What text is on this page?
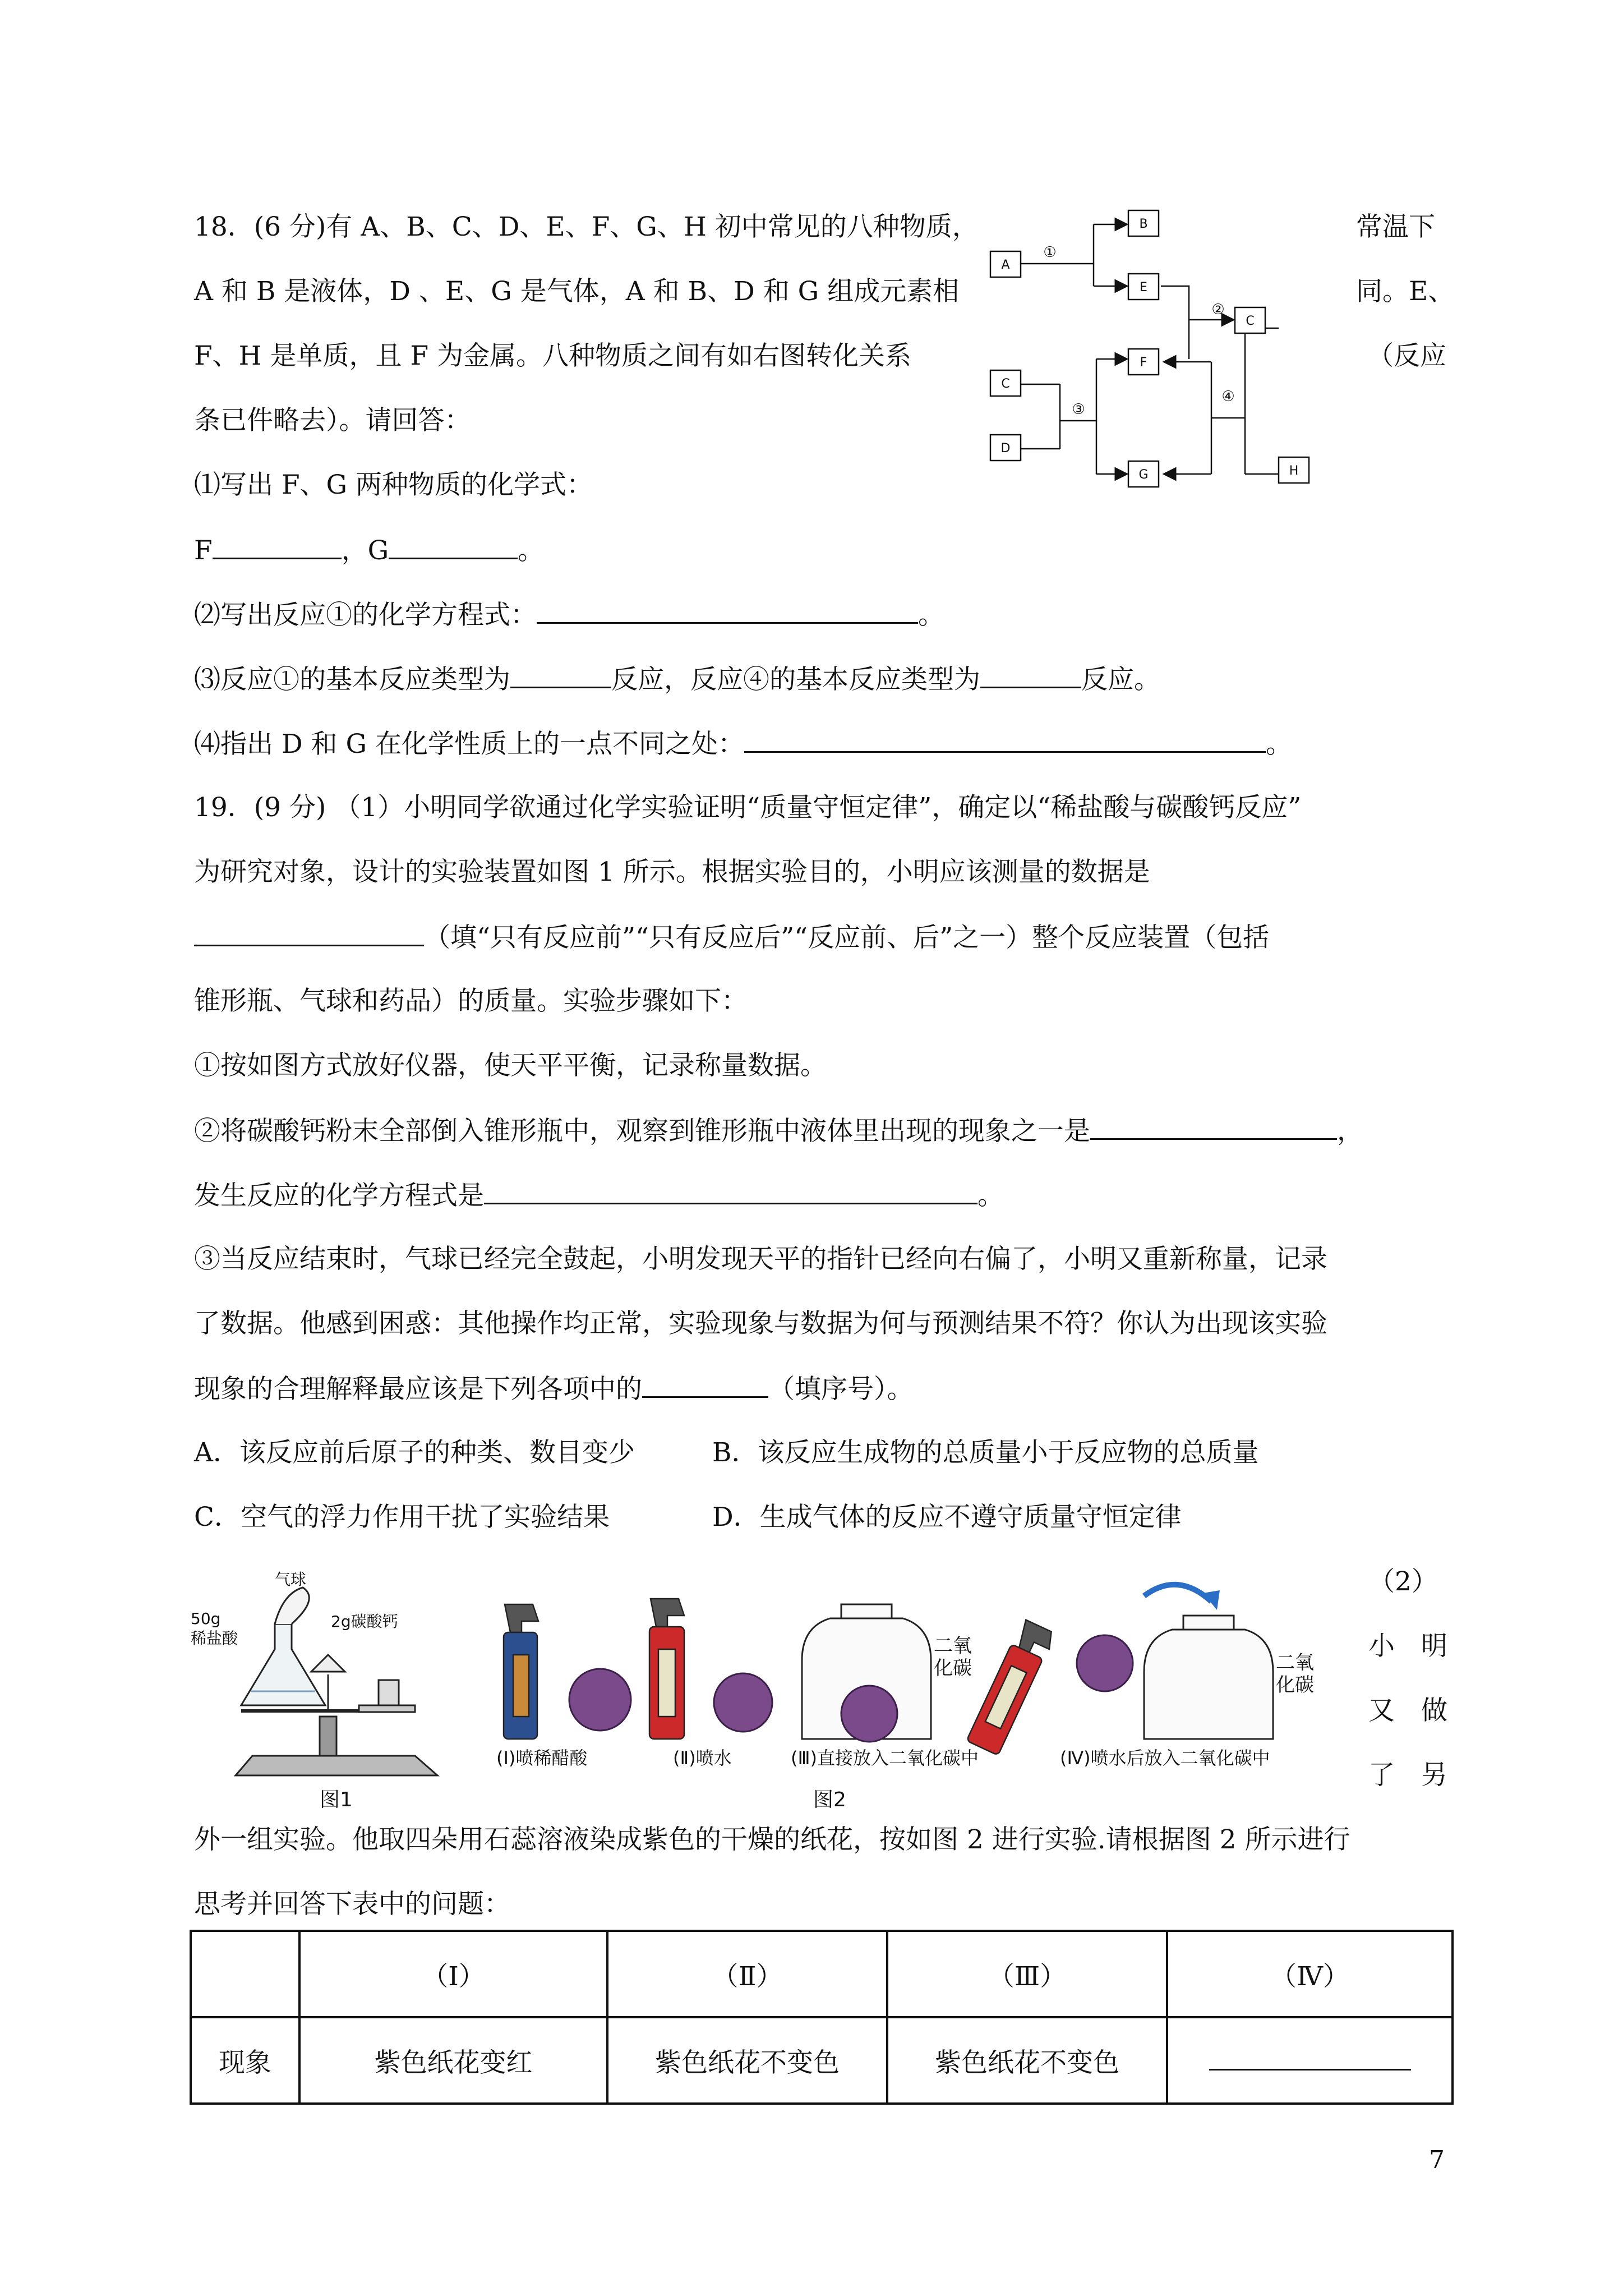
18．(6 分)有 A、B、C、D、E、F、G、H 初中常见的八种物质，	常温下
A 和 B 是液体，D 、E、G 是气体，A 和 B、D 和 G 组成元素相	同。E、
F、H 是单质，且 F 为金属。八种物质之间有如右图转化关系	（反应
条已件略去）。请回答：
A
B
E
C
F
C
D
G	H
①
②
③
④
⑴写出 F、G 两种物质的化学式：
F	，G	。
⑵写出反应①的化学方程式：	。
⑶反应①的基本反应类型为	反应，反应④的基本反应类型为	反应。
⑷指出 D 和 G 在化学性质上的一点不同之处：	。
19．(9 分) （1）小明同学欲通过化学实验证明“质量守恒定律”，确定以“稀盐酸与碳酸钙反应”
为研究对象，设计的实验装置如图 1 所示。根据实验目的，小明应该测量的数据是
（填“只有反应前”“只有反应后”“反应前、后”之一）整个反应装置（包括
锥形瓶、气球和药品）的质量。实验步骤如下：
①按如图方式放好仪器，使天平平衡，记录称量数据。
②将碳酸钙粉末全部倒入锥形瓶中，观察到锥形瓶中液体里出现的现象之一是	，
发生反应的化学方程式是	。
③当反应结束时，气球已经完全鼓起，小明发现天平的指针已经向右偏了，小明又重新称量，记录
了数据。他感到困惑：其他操作均正常，实验现象与数据为何与预测结果不符？你认为出现该实验
现象的合理解释最应该是下列各项中的	（填序号）。
A．该反应前后原子的种类、数目变少	B．该反应生成物的总质量小于反应物的总质量
C．空气的浮力作用干扰了实验结果	D．生成气体的反应不遵守质量守恒定律
（2）
小　明
又　做
了　另
气球
50g
稀盐酸
2g碳酸钙
图1
二氧
化碳	二氧
化碳
(Ⅰ)喷稀醋酸	(Ⅱ)喷水	(Ⅲ)直接放入二氧化碳中	(Ⅳ)喷水后放入二氧化碳中
图2
外一组实验。他取四朵用石蕊溶液染成紫色的干燥的纸花，按如图 2 进行实验.请根据图 2 所示进行
思考并回答下表中的问题：
	（Ⅰ）	（Ⅱ）	（Ⅲ）	（Ⅳ）
现象	紫色纸花变红	紫色纸花不变色	紫色纸花不变色	
7
